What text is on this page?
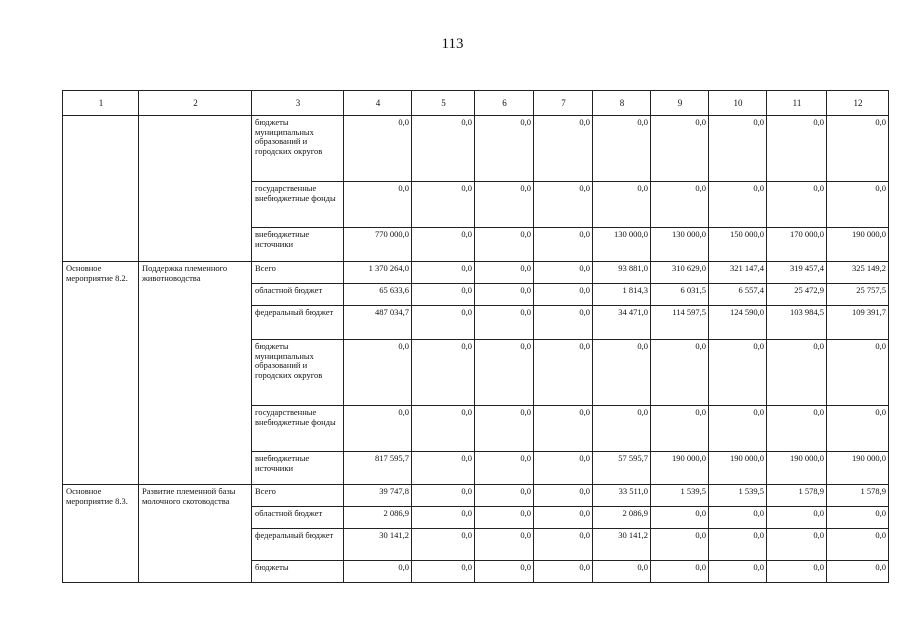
113
1	2	3	4	5	6	7	8	9	10	11	12
		бюджеты муниципальных образований и городских округов	0,0	0,0	0,0	0,0	0,0	0,0	0,0	0,0	0,0
		государственные внебюджетные фонды	0,0	0,0	0,0	0,0	0,0	0,0	0,0	0,0	0,0
		внебюджетные источники	770 000,0	0,0	0,0	0,0	130 000,0	130 000,0	150 000,0	170 000,0	190 000,0
Основное мероприятие 8.2.	Поддержка племенного животноводства	Всего	1 370 264,0	0,0	0,0	0,0	93 881,0	310 629,0	321 147,4	319 457,4	325 149,2
		областной бюджет	65 633,6	0,0	0,0	0,0	1 814,3	6 031,5	6 557,4	25 472,9	25 757,5
		федеральный бюджет	487 034,7	0,0	0,0	0,0	34 471,0	114 597,5	124 590,0	103 984,5	109 391,7
		бюджеты муниципальных образований и городских округов	0,0	0,0	0,0	0,0	0,0	0,0	0,0	0,0	0,0
		государственные внебюджетные фонды	0,0	0,0	0,0	0,0	0,0	0,0	0,0	0,0	0,0
		внебюджетные источники	817 595,7	0,0	0,0	0,0	57 595,7	190 000,0	190 000,0	190 000,0	190 000,0
Основное мероприятие 8.3.	Развитие племенной базы молочного скотоводства	Всего	39 747,8	0,0	0,0	0,0	33 511,0	1 539,5	1 539,5	1 578,9	1 578,9
		областной бюджет	2 086,9	0,0	0,0	0,0	2 086,9	0,0	0,0	0,0	0,0
		федеральный бюджет	30 141,2	0,0	0,0	0,0	30 141,2	0,0	0,0	0,0	0,0
		бюджеты	0,0	0,0	0,0	0,0	0,0	0,0	0,0	0,0	0,0
